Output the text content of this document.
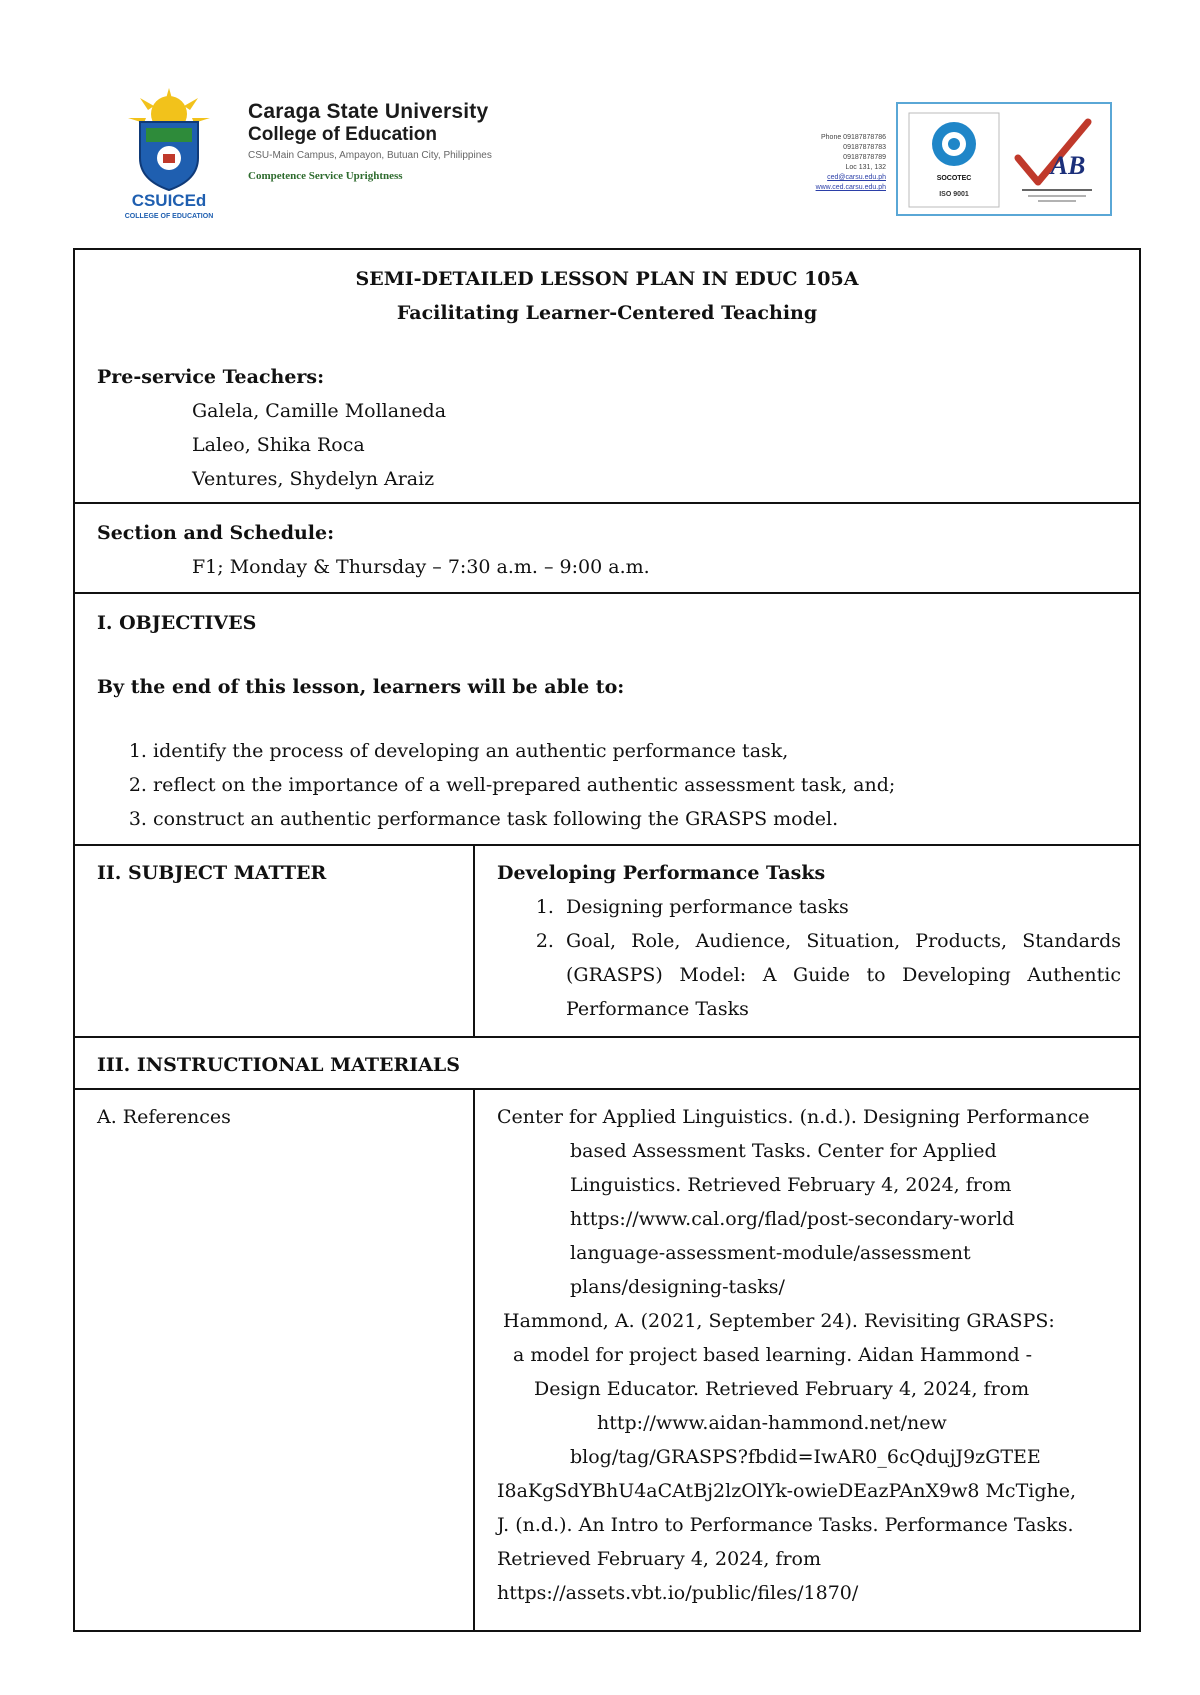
CSUICEd
COLLEGE OF EDUCATION
Caraga State University
College of Education
CSU-Main Campus, Ampayon, Butuan City, Philippines
Competence Service Uprightness
Phone 09187878786
09187878783
09187878789
Loc 131, 132
ced@carsu.edu.ph
www.ced.carsu.edu.ph
SOCOTEC
ISO 9001
AB
SEMI-DETAILED LESSON PLAN IN EDUC 105A
Facilitating Learner-Centered Teaching
Pre-service Teachers:
Galela, Camille Mollaneda
Laleo, Shika Roca
Ventures, Shydelyn Araiz
Section and Schedule:
F1; Monday & Thursday – 7:30 a.m. – 9:00 a.m.
I. OBJECTIVES
By the end of this lesson, learners will be able to:
1. identify the process of developing an authentic performance task,
2. reflect on the importance of a well-prepared authentic assessment task, and;
3. construct an authentic performance task following the GRASPS model.
II. SUBJECT MATTER	Developing Performance Tasks
1. Designing performance tasks
2. Goal, Role, Audience, Situation, Products, Standards (GRASPS) Model: A Guide to Developing Authentic Performance Tasks
III. INSTRUCTIONAL MATERIALS
A. References	Center for Applied Linguistics. (n.d.). Designing Performance

based Assessment Tasks. Center for Applied

Linguistics. Retrieved February 4, 2024, from

https://www.cal.org/flad/post-secondary-world

language-assessment-module/assessment

plans/designing-tasks/

Hammond, A. (2021, September 24). Revisiting GRASPS:

a model for project based learning. Aidan Hammond -

Design Educator. Retrieved February 4, 2024, from

http://www.aidan-hammond.net/new

blog/tag/GRASPS?fbdid=IwAR0_6cQdujJ9zGTEE

I8aKgSdYBhU4aCAtBj2lzOlYk-owieDEazPAnX9w8 McTighe,

J. (n.d.). An Intro to Performance Tasks. Performance Tasks.

Retrieved February 4, 2024, from

https://assets.vbt.io/public/files/1870/
